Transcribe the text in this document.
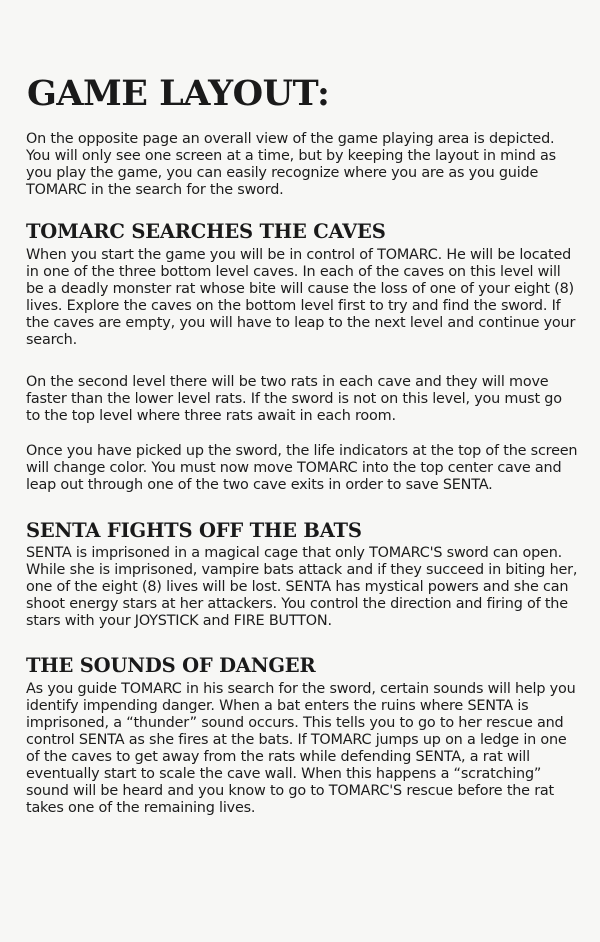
GAME LAYOUT:

On the opposite page an overall view of the game playing area is depicted. You will only see one screen at a time, but by keeping the layout in mind as you play the game, you can easily recognize where you are as you guide TOMARC in the search for the sword.

TOMARC SEARCHES THE CAVES

When you start the game you will be in control of TOMARC. He will be located in one of the three bottom level caves. In each of the caves on this level will be a deadly monster rat whose bite will cause the loss of one of your eight (8) lives. Explore the caves on the bottom level first to try and find the sword. If the caves are empty, you will have to leap to the next level and continue your search.

On the second level there will be two rats in each cave and they will move faster than the lower level rats. If the sword is not on this level, you must go to the top level where three rats await in each room.

Once you have picked up the sword, the life indicators at the top of the screen will change color. You must now move TOMARC into the top center cave and leap out through one of the two cave exits in order to save SENTA.

SENTA FIGHTS OFF THE BATS

SENTA is imprisoned in a magical cage that only TOMARC'S sword can open. While she is imprisoned, vampire bats attack and if they succeed in biting her, one of the eight (8) lives will be lost. SENTA has mystical powers and she can shoot energy stars at her attackers. You control the direction and firing of the stars with your JOYSTICK and FIRE BUTTON.

THE SOUNDS OF DANGER

As you guide TOMARC in his search for the sword, certain sounds will help you identify impending danger. When a bat enters the ruins where SENTA is imprisoned, a “thunder” sound occurs. This tells you to go to her rescue and control SENTA as she fires at the bats. If TOMARC jumps up on a ledge in one of the caves to get away from the rats while defending SENTA, a rat will eventually start to scale the cave wall. When this happens a “scratching” sound will be heard and you know to go to TOMARC'S rescue before the rat takes one of the remaining lives.
